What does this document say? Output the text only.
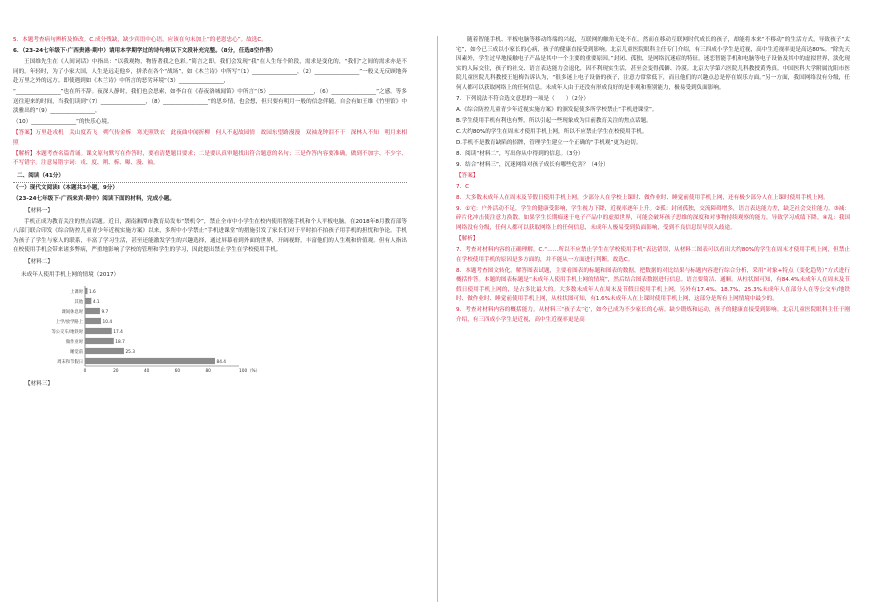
5．本题考查病句辨析及修改。C.成分残缺，缺少宾语中心语，应该在句末加上“的老恩忠心”。故选C。

6．（23-24七年级下·广西贵港·期中）请用本学期学过的诗句将以下文段补充完整。（8分，任选8空作答）

王国维先生在《人间词话》中指出：“以我观物，物皆著我之色彩。”简言之即，我们会发现“我”在人生每个阶段，需求是变化的，“我们”之间的需求亦是不同的。年轻时，为了小家大国，人生是远走他乡，拼杀在各个“战场”，如《木兰诗》中所写“（1）________________，（2）________________”一般义无反顾地奔赴万里之外的远方。即使遇到如《木兰诗》中所言的恶劣环境“（3）________________，

“________________”也在所不辞。夜深人静时，我们也会思索，如李白在《春夜洛城闻笛》中所言“（5）________________，（6）________________”之感。等多送往迎来的时间，当我们读到“（7）________________，（8）________________”的思乡情，也会想，但只要有明月一般的信念伴随，自会有如王维《竹里馆》中淡雅出的“（9）________________，

（10）________________”的快乐心境。

【答案】万里赴戎机　关山度若飞　朔气传金柝　寒光照铁衣　此夜曲中闻折柳　何人不起故园情　故园东望路漫漫　双袖龙钟泪不干　深林人不知　明月来相照

【解析】本题考查名篇背诵。课文原句默写在作答时，要看清楚题目要求；二是要认真审题找出符合题意的名句；三是作答内容要准确，做到不加字、不少字、不写错字。注意易错字词：戎、度、朔、柝、曝、漫、袖。

二、阅读（41分）

（一）现代文阅读Ⅰ（本题共3小题，9分）

（23-24七年级下·广西来宾·期中）阅读下面的材料，完成小题。

【材料一】

手机正成为教育关注的焦点话题。近日，湖南湘潭市教育局发布“禁机令”，禁止全市中小学生在校内使用智能手机和个人平板电脑。在2018年8月教育部等八部门联合印发《综合防控儿童青少年近视实施方案》以来，多所中小学禁止“手机进课堂”的措施引发了家长们对于平时拍不拍孩子用手机的担忧和争论。手机为孩子了学生与家人的联系，丰富了学习生活，甚至还能激发学生的兴趣选择，通过屏幕看到外面的世界，开阔视野，丰富他们的人生观和价值观。但有人指出在校使用手机会带来诸多弊病，严重地影响了学校的管理和学生的学习，因此提出禁止学生在学校使用手机。

【材料二】

未成年人使用手机上网的情境（2017）
上课时 1.6
其他 4.1
课间休息时	9.7
上学/放学路上	10.4
等公交车/地铁时	17.4
做作业时	18.7
睡觉前	25.3
周末和节假日	84.4
0	20	40	60	80	100（%）

【材料三】

随着智能手机、平板电脑等移动终端的兴起，互联网的触角无处不在。然而在移动互联网时代成长的孩子，却能将本来“不移动”的生活方式，导致孩子“太宅”，如今已三成以小家长的心病，孩子的健康直接受到影响。北京儿童医院眼科主任专门介绍，有三四成小学生是近视，高中生近视率更是高达80%。“除先天因素外，学生过早地接触电子产品是其中一个主要的重要原因。”封闭、孤独，是网络沉迷症的特征。迷恋智能手机和电脑等电子设备及其中的虚拟世界，淡化现实的人际交往，孩子的社交、语言表达能力会退化，因不利现实生活，甚至会变得孤僻、冷漠。北京大学第六医院儿科教授黄秀真。中国医科大学附属沈阳市医院儿童医院儿科教授王旭梅告诉认为，“很多迷上电子设备的孩子，注意力常常低下，而且他们的兴趣点总是停在娱乐方面。”另一方面，我国网络没有分级，任何人都可以获取网络上的任何信息。未成年人由于还没有形成良好的是非观和鉴别能力，极易受到负面影响。

7．下列说法不符合选文意思的一项是（　　）（2分）

A.《综合防控儿童青少年近视实施方案》的颁发促使多所学校禁止“手机进课堂”。

B.学生使用手机有利也有弊，所以引起一些现象成为目前教育关注的焦点话题。

C.大约80%的学生在周末才使用手机上网，所以不应禁止学生在校使用手机。

D.手机不是教育缺陷的招牌，管理学生建立一个正确的“手机观”更为迫切。

8．阅读“材料二”，写出你从中得到的信息。（3分）

9．结合“材料三”，沉迷网络对孩子成长有哪些危害？（4分）

【答案】

7．C

8．大多数未成年人在周末及节假日使用手机上网，少部分人在学校上课时、做作业时、睡觉前使用手机上网，还有极少部分人在上课时使用手机上网。

9．①宅：户外活动不足，学生的健康受影响，学生视力下降，近视率逐年上升。②孤：封闭孤独，交流障碍增多，语言表达能力差，缺乏社会交往能力。③减：碎片化冲击使注意力涣散。如果学生长期痴迷于电子产品中的虚拟世界，可能会破坏孩子思维的深度和对事物持续观察的能力，导致学习成绩下降。④乱：我国网络没有分级，任何人都可以获取网络上的任何信息，未成年人极易受到负面影响，受到不良信息误导误入歧途。

【解析】

7．考查对材料内容的正确理解。C.“……所以不应禁止学生在学校使用手机”表达错误，从材料二图表可以看出大约80%的学生在周末才使用手机上网，但禁止在学校使用手机的原因是多方面的，并不能从一方面进行判断。故选C。

8．本题考查图文转化。解答图表试题，主要看图表的标题和图表的数据，把数据的对比结果与标题内容进行综合分析，采用“对象+特点（变化趋势）”方式进行概括作答。本题的图表标题是“未成年人使用手机上网的情境”，然后结合图表数据进行信息。语言要简洁、通顺。从柱状图可知，有84.4%未成年人在周末及节假日使用手机上网的，是占多比最大的。大多数未成年人在周末及节假日使用手机上网，另外有17.4%、18.7%、25.3%未成年人在部分人在等公交车/地铁时、做作业时、睡觉前使用手机上网，从柱状图可知，有1.6%未成年人在上课时使用手机上网，这部分是所有上网情境中最少的。

9．考查对材料内容的概括能力。从材料三“孩子太‘宅’，如今已成为不少家长的心病。缺少锻炼和运动，孩子的健康直接受到影响。北京儿童医院眼科主任于刚介绍，有三四成小学生是近视，高中生近视率更是高
